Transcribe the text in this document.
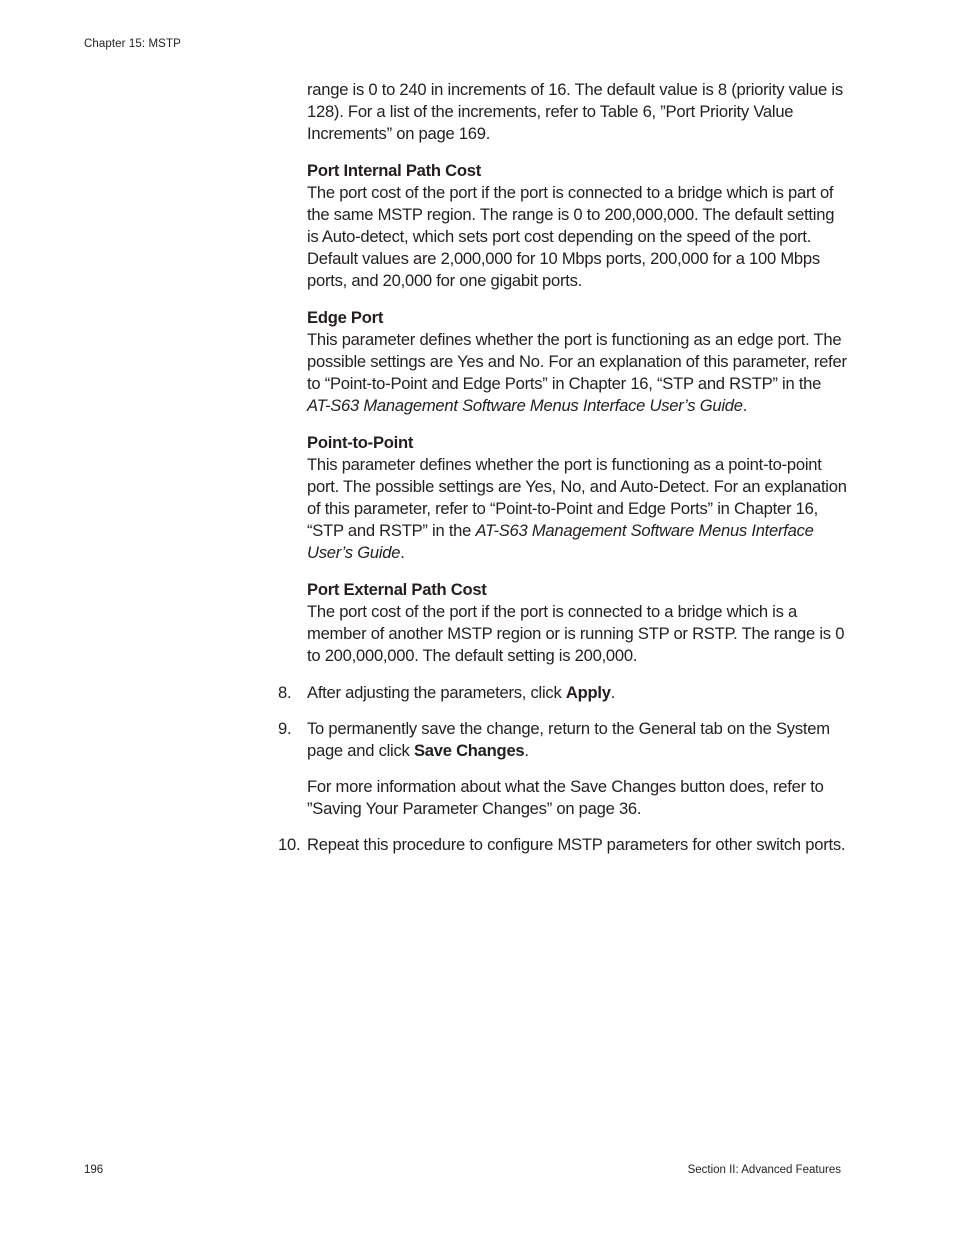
Chapter 15: MSTP

range is 0 to 240 in increments of 16. The default value is 8 (priority value is 128). For a list of the increments, refer to Table 6, ”Port Priority Value Increments” on page 169.

Port Internal Path Cost

The port cost of the port if the port is connected to a bridge which is part of the same MSTP region. The range is 0 to 200,000,000. The default setting is Auto-detect, which sets port cost depending on the speed of the port. Default values are 2,000,000 for 10 Mbps ports, 200,000 for a 100 Mbps ports, and 20,000 for one gigabit ports.

Edge Port

This parameter defines whether the port is functioning as an edge port. The possible settings are Yes and No. For an explanation of this parameter, refer to “Point-to-Point and Edge Ports” in Chapter 16, “STP and RSTP” in the AT-S63 Management Software Menus Interface User’s Guide.

Point-to-Point

This parameter defines whether the port is functioning as a point-to-point port. The possible settings are Yes, No, and Auto-Detect. For an explanation of this parameter, refer to “Point-to-Point and Edge Ports” in Chapter 16, “STP and RSTP” in the AT-S63 Management Software Menus Interface User’s Guide.

Port External Path Cost

The port cost of the port if the port is connected to a bridge which is a member of another MSTP region or is running STP or RSTP. The range is 0 to 200,000,000. The default setting is 200,000.

8. After adjusting the parameters, click Apply.

9. To permanently save the change, return to the General tab on the System page and click Save Changes.

For more information about what the Save Changes button does, refer to ”Saving Your Parameter Changes” on page 36.

10. Repeat this procedure to configure MSTP parameters for other switch ports.

196	Section II: Advanced Features
